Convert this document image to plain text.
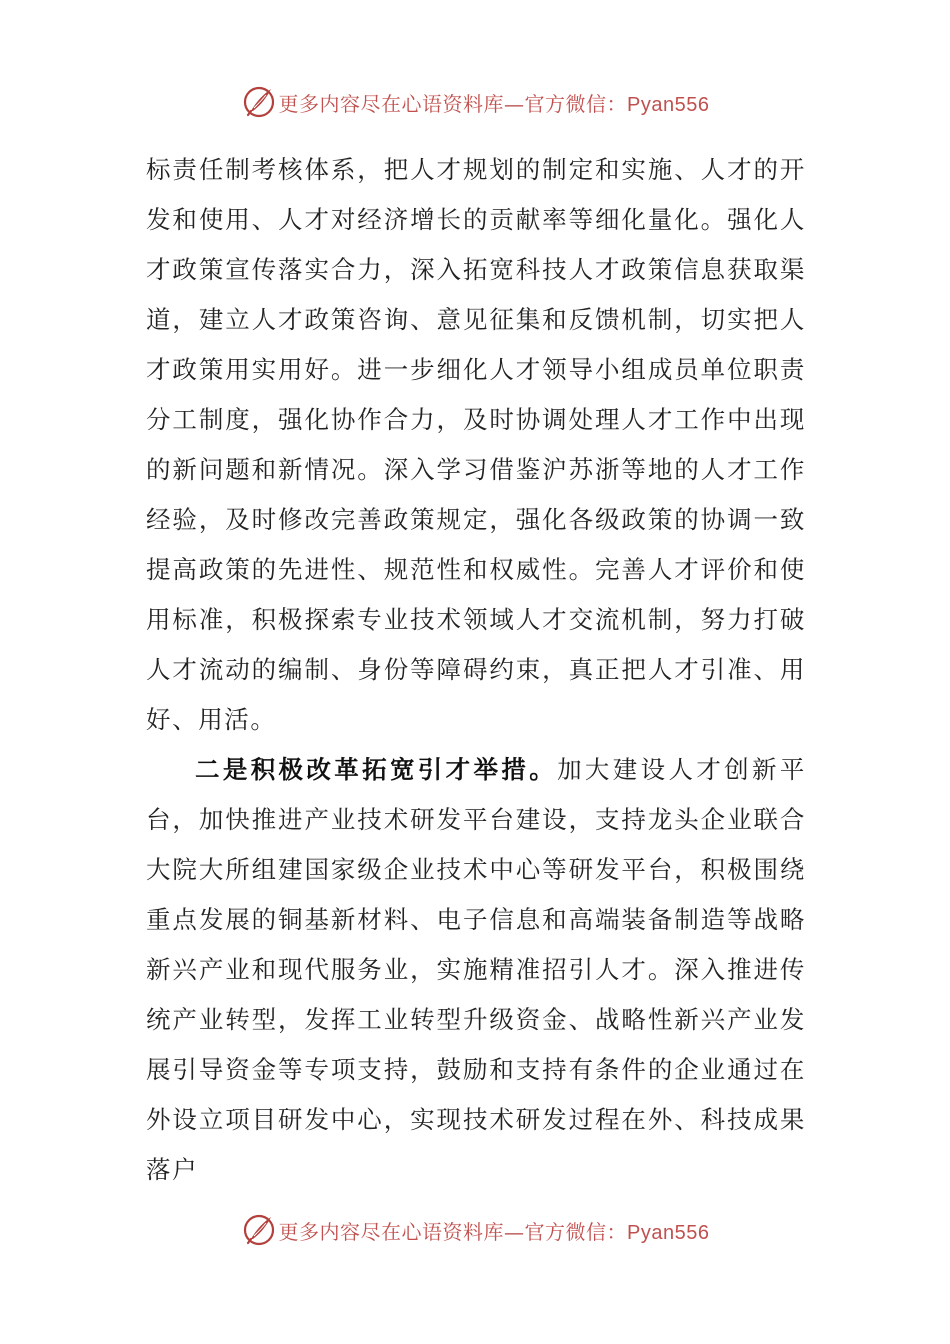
更多内容尽在心语资料库—官方微信：Pyan556

标责任制考核体系，把人才规划的制定和实施、人才的开发和使用、人才对经济增长的贡献率等细化量化。强化人才政策宣传落实合力，深入拓宽科技人才政策信息获取渠道，建立人才政策咨询、意见征集和反馈机制，切实把人才政策用实用好。进一步细化人才领导小组成员单位职责分工制度，强化协作合力，及时协调处理人才工作中出现的新问题和新情况。深入学习借鉴沪苏浙等地的人才工作经验，及时修改完善政策规定，强化各级政策的协调一致提高政策的先进性、规范性和权威性。完善人才评价和使用标准，积极探索专业技术领域人才交流机制，努力打破人才流动的编制、身份等障碍约束，真正把人才引准、用好、用活。

二是积极改革拓宽引才举措。加大建设人才创新平台，加快推进产业技术研发平台建设，支持龙头企业联合大院大所组建国家级企业技术中心等研发平台，积极围绕重点发展的铜基新材料、电子信息和高端装备制造等战略新兴产业和现代服务业，实施精准招引人才。深入推进传统产业转型，发挥工业转型升级资金、战略性新兴产业发展引导资金等专项支持，鼓励和支持有条件的企业通过在外设立项目研发中心，实现技术研发过程在外、科技成果落户

更多内容尽在心语资料库—官方微信：Pyan556
